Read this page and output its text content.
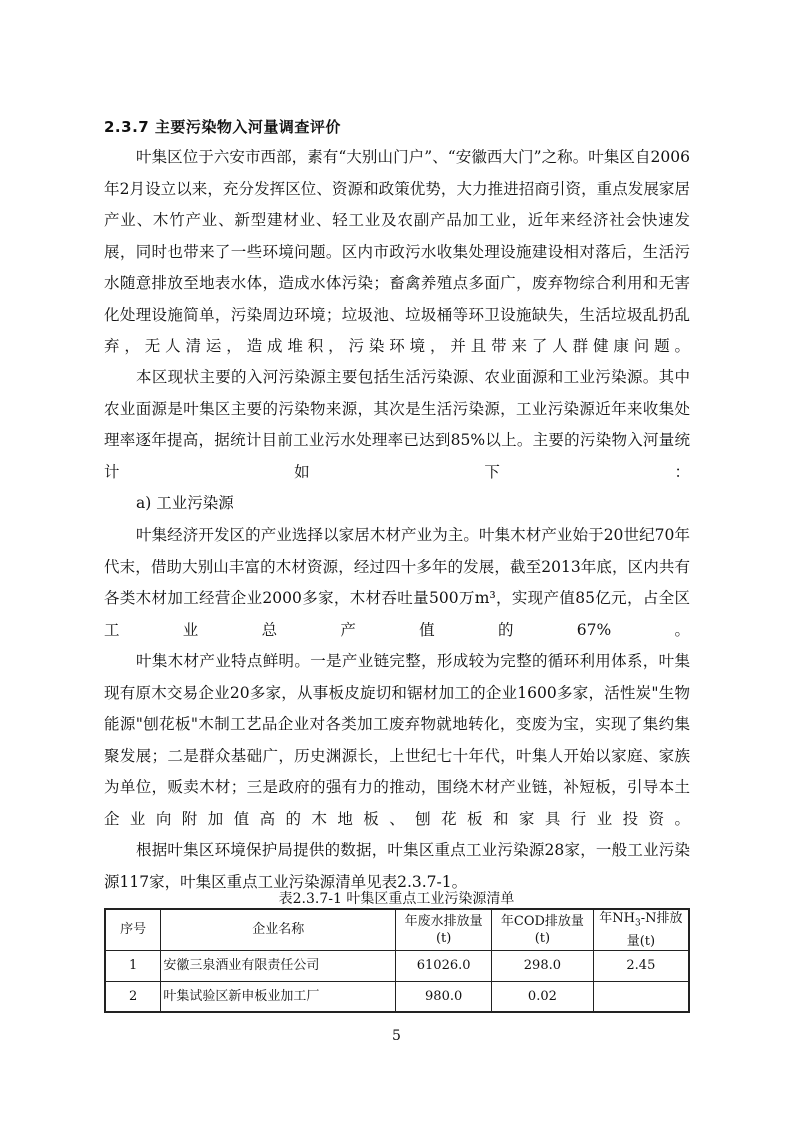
2.3.7 主要污染物入河量调查评价
叶集区位于六安市西部，素有“大别山门户”、“安徽西大门”之称。叶集区自2006年2月设立以来，充分发挥区位、资源和政策优势，大力推进招商引资，重点发展家居产业、木竹产业、新型建材业、轻工业及农副产品加工业，近年来经济社会快速发展，同时也带来了一些环境问题。区内市政污水收集处理设施建设相对落后，生活污水随意排放至地表水体，造成水体污染；畜禽养殖点多面广，废弃物综合利用和无害化处理设施简单，污染周边环境；垃圾池、垃圾桶等环卫设施缺失，生活垃圾乱扔乱弃，无人清运，造成堆积，污染环境，并且带来了人群健康问题。
本区现状主要的入河污染源主要包括生活污染源、农业面源和工业污染源。其中农业面源是叶集区主要的污染物来源，其次是生活污染源，工业污染源近年来收集处理率逐年提高，据统计目前工业污水处理率已达到85%以上。主要的污染物入河量统计如下：
a) 工业污染源
叶集经济开发区的产业选择以家居木材产业为主。叶集木材产业始于20世纪70年代末，借助大别山丰富的木材资源，经过四十多年的发展，截至2013年底，区内共有各类木材加工经营企业2000多家，木材吞吐量500万m³，实现产值85亿元，占全区工业总产值的67%。
叶集木材产业特点鲜明。一是产业链完整，形成较为完整的循环利用体系，叶集现有原木交易企业20多家，从事板皮旋切和锯材加工的企业1600多家，活性炭"生物能源"刨花板"木制工艺品企业对各类加工废弃物就地转化，变废为宝，实现了集约集聚发展；二是群众基础广，历史渊源长，上世纪七十年代，叶集人开始以家庭、家族为单位，贩卖木材；三是政府的强有力的推动，围绕木材产业链，补短板，引导本土企业向附加值高的木地板、刨花板和家具行业投资。
根据叶集区环境保护局提供的数据，叶集区重点工业污染源28家，一般工业污染源117家，叶集区重点工业污染源清单见表2.3.7-1。
表2.3.7-1 叶集区重点工业污染源清单
序号	企业名称	年废水排放量(t)	年COD排放量(t)	年$NH_3-N$排放量(t)
1	安徽三泉酒业有限责任公司	61026.0	298.0	2.45
2	叶集试验区新申板业加工厂	980.0	0.02	
5
